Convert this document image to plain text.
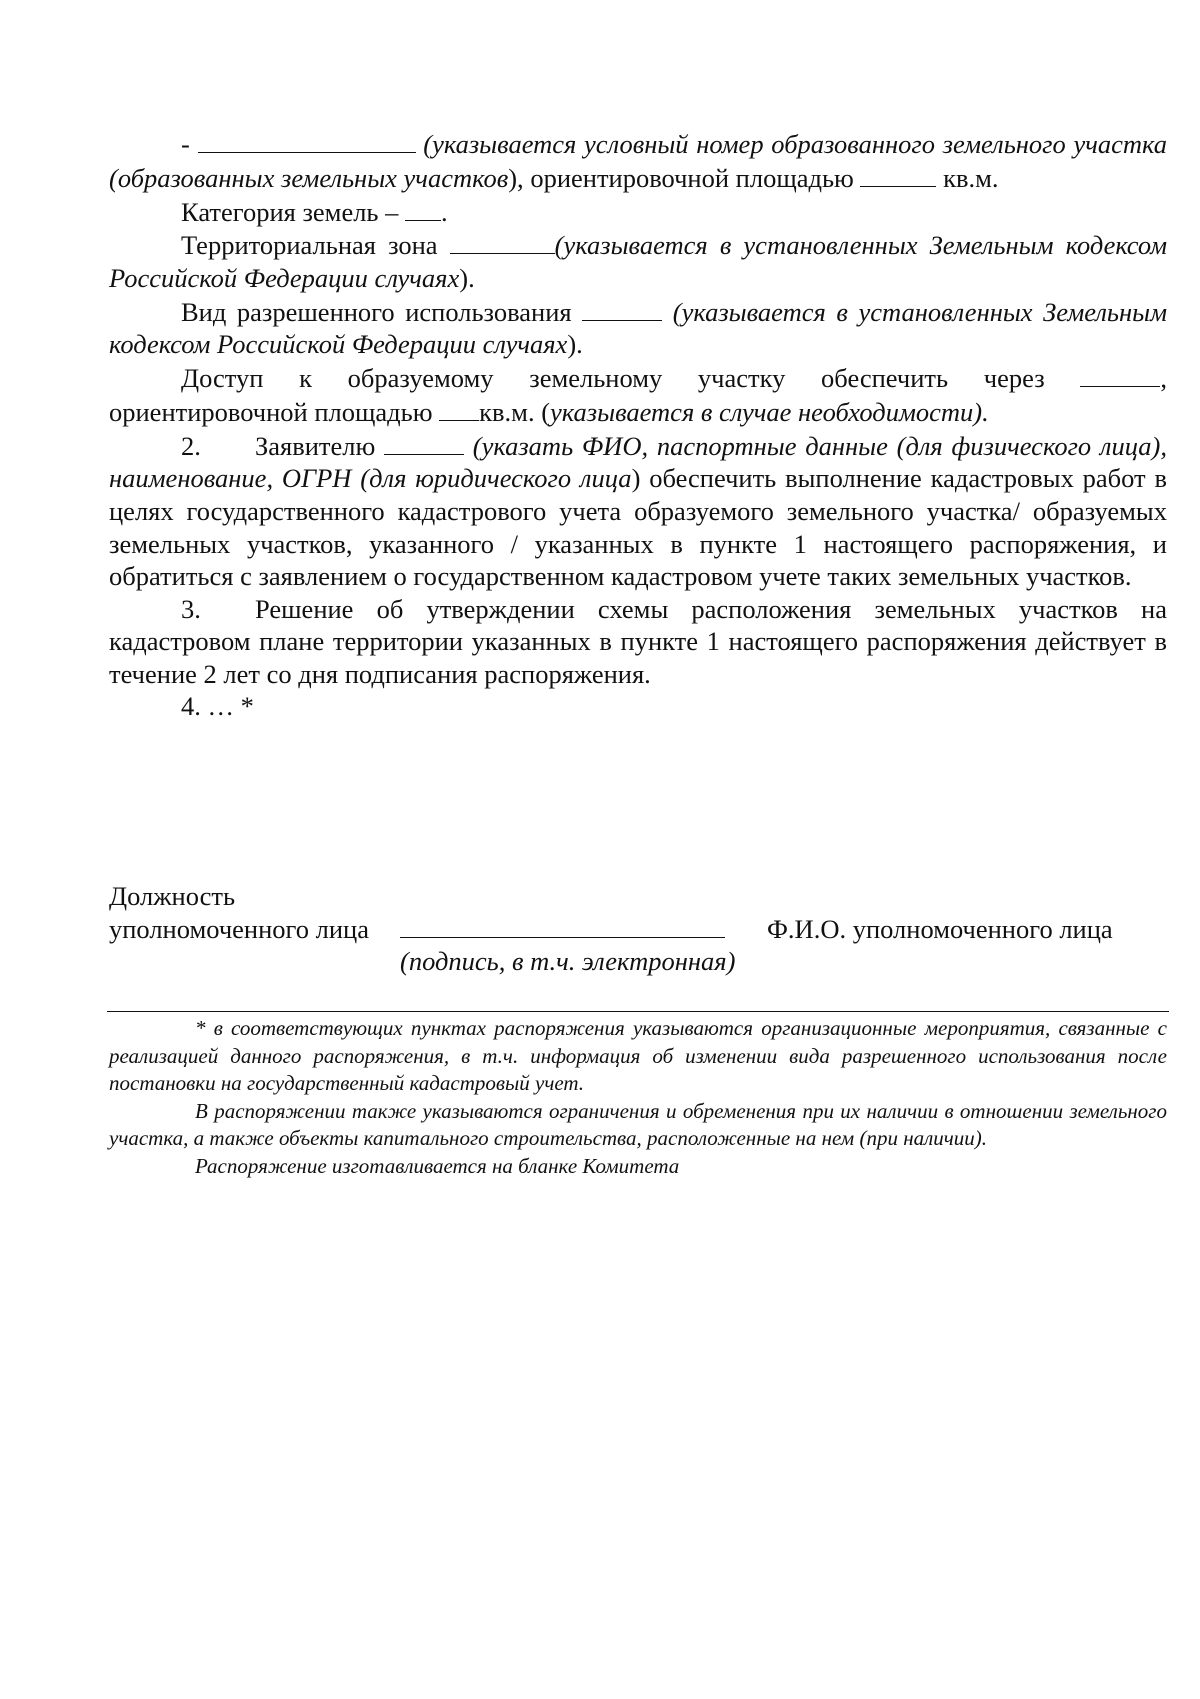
-	(указывается условный номер образованного земельного участка (образованных земельных участков), ориентировочной площадью	кв.м.

Категория земель – .

Территориальная зона	(указывается в установленных Земельным кодексом Российской Федерации случаях).

Вид разрешенного использования	(указывается в установленных Земельным кодексом Российской Федерации случаях).

Доступ к образуемому земельному участку обеспечить через	, ориентировочной площадью кв.м. (указывается в случае необходимости).

2. Заявителю	(указать ФИО, паспортные данные (для физического лица), наименование, ОГРН (для юридического лица) обеспечить выполнение кадастровых работ в целях государственного кадастрового учета образуемого земельного участка/ образуемых земельных участков, указанного / указанных в пункте 1 настоящего распоряжения, и обратиться с заявлением о государственном кадастровом учете таких земельных участков.

3. Решение об утверждении схемы расположения земельных участков на кадастровом плане территории указанных в пункте 1 настоящего распоряжения действует в течение 2 лет со дня подписания распоряжения.

4. … *

Должность
уполномоченного лица	Ф.И.О. уполномоченного лица
(подпись, в т.ч. электронная)

* в соответствующих пунктах распоряжения указываются организационные мероприятия, связанные с реализацией данного распоряжения, в т.ч. информация об изменении вида разрешенного использования после постановки на государственный кадастровый учет.

В распоряжении также указываются ограничения и обременения при их наличии в отношении земельного участка, а также объекты капитального строительства, расположенные на нем (при наличии).

Распоряжение изготавливается на бланке Комитета
